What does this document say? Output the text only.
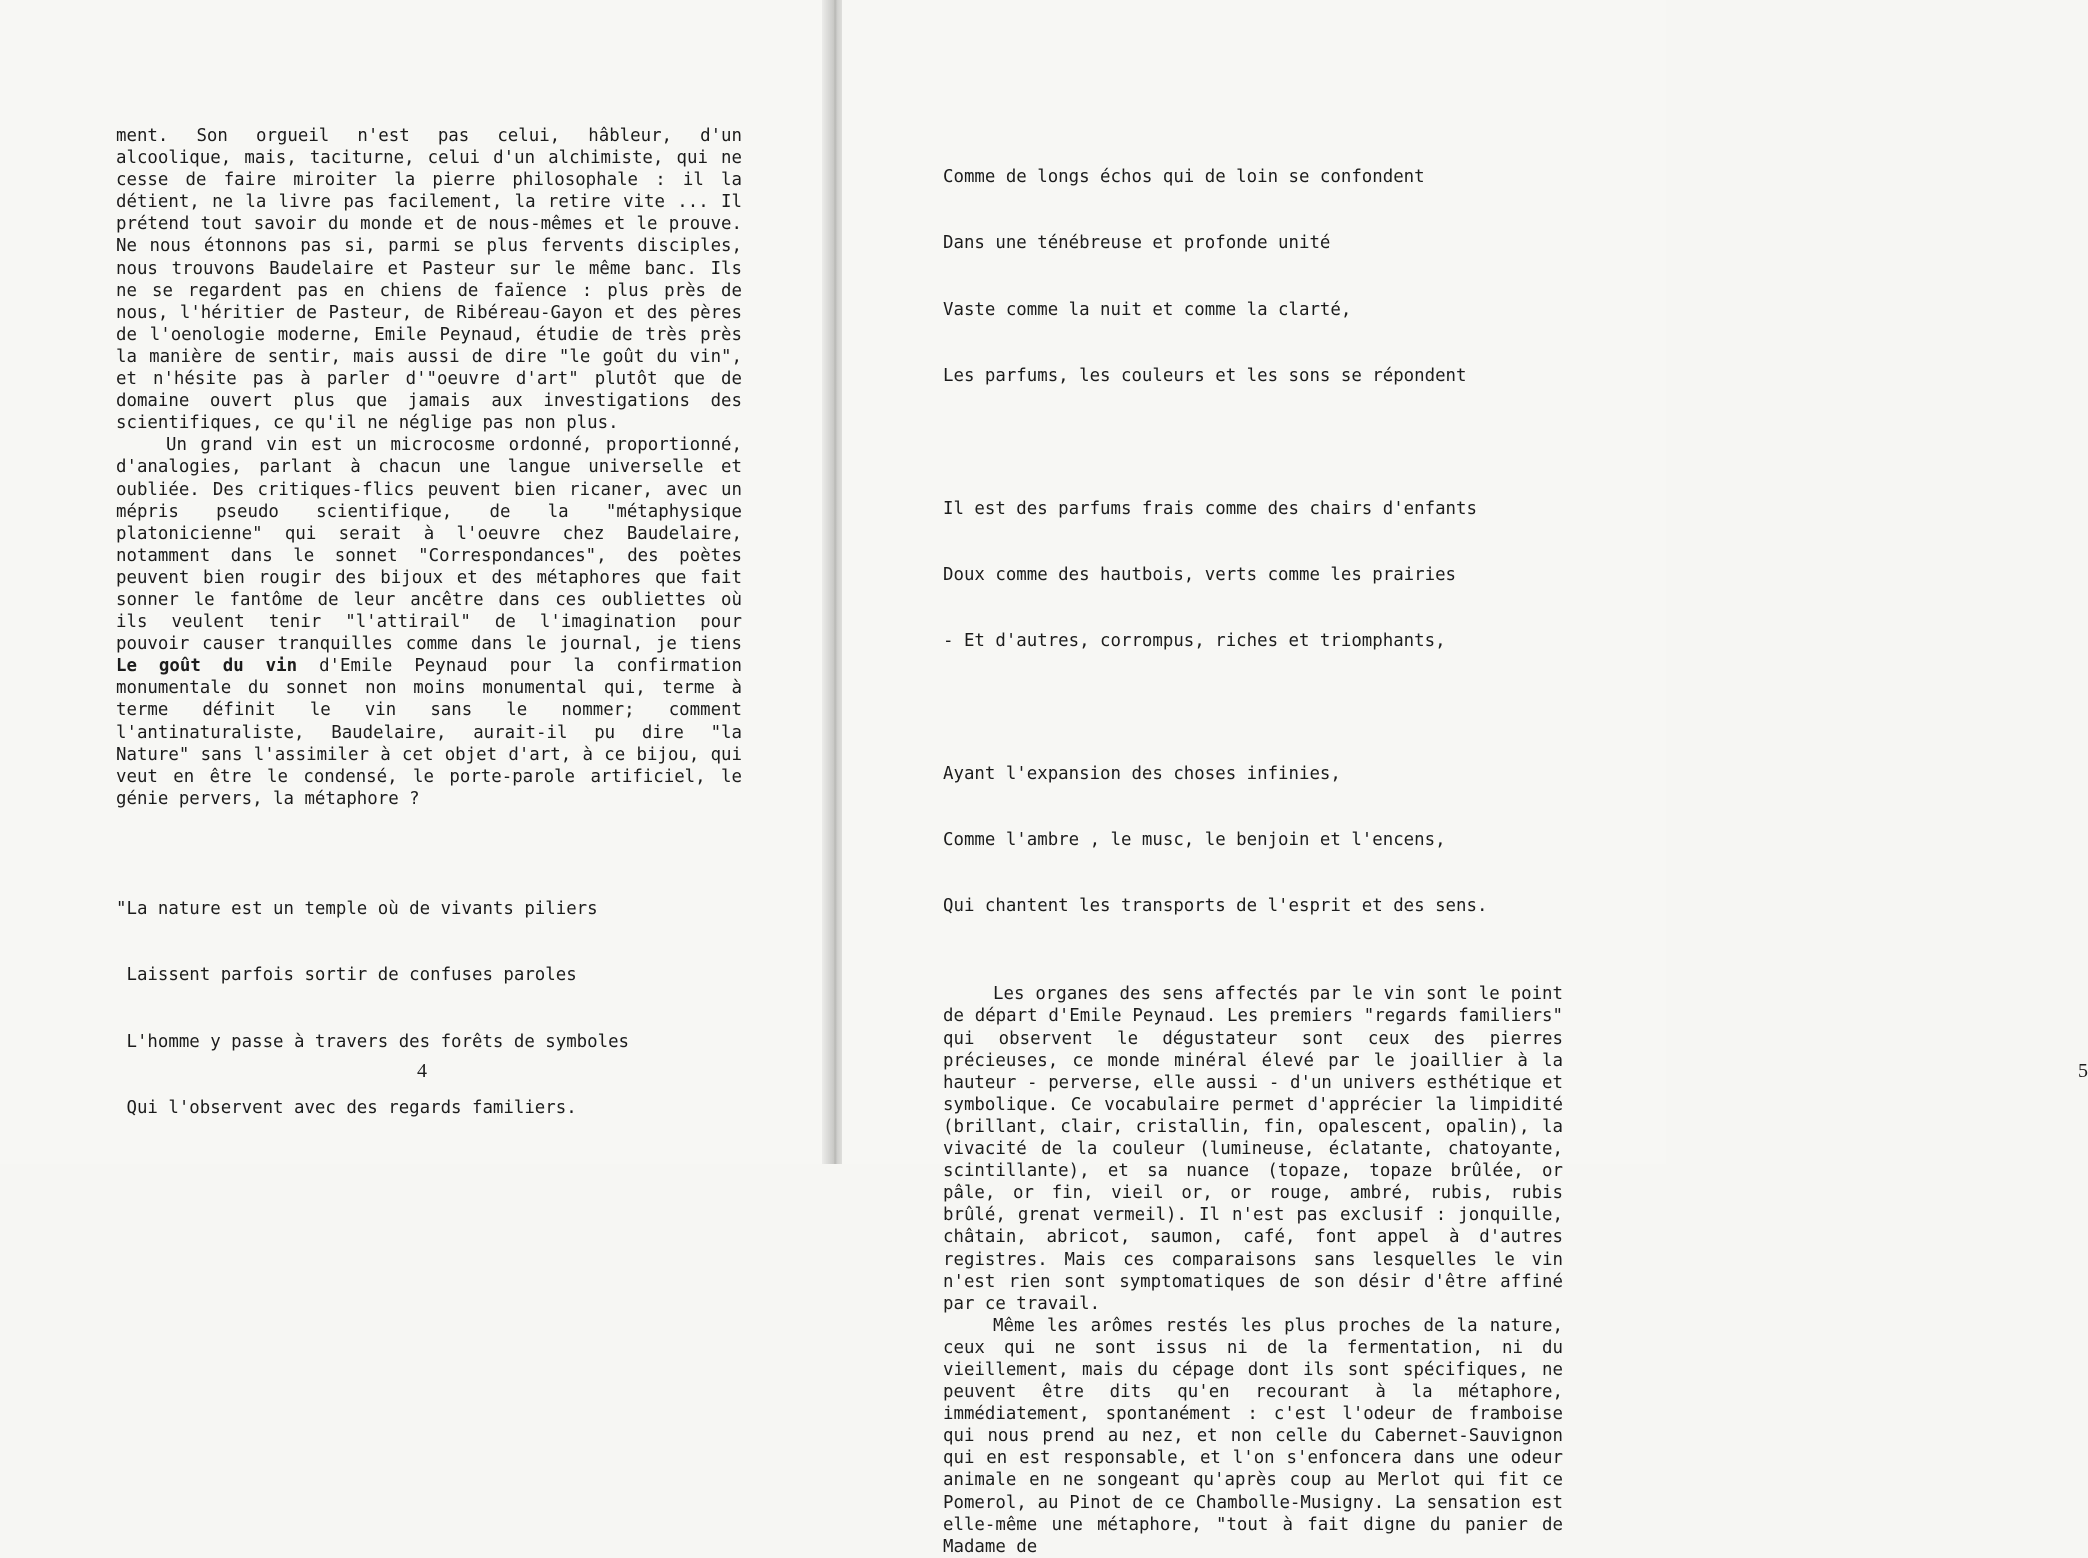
ment. Son orgueil n'est pas celui, hâbleur, d'un alcoolique, mais, taciturne, celui d'un alchimiste, qui ne cesse de faire miroiter la pierre philosophale : il la détient, ne la livre pas facilement, la retire vite ... Il prétend tout savoir du monde et de nous-mêmes et le prouve. Ne nous étonnons pas si, parmi se plus fervents disciples, nous trouvons Baudelaire et Pasteur sur le même banc. Ils ne se regardent pas en chiens de faïence : plus près de nous, l'héritier de Pasteur, de Ribéreau-Gayon et des pères de l'oenologie moderne, Emile Peynaud, étudie de très près la manière de sentir, mais aussi de dire "le goût du vin", et n'hésite pas à parler d'"oeuvre d'art" plutôt que de domaine ouvert plus que jamais aux investigations des scientifiques, ce qu'il ne néglige pas non plus.

Un grand vin est un microcosme ordonné, proportionné, d'analogies, parlant à chacun une langue universelle et oubliée. Des critiques-flics peuvent bien ricaner, avec un mépris pseudo scientifique, de la "métaphysique platonicienne" qui serait à l'oeuvre chez Baudelaire, notamment dans le sonnet "Correspondances", des poètes peuvent bien rougir des bijoux et des métaphores que fait sonner le fantôme de leur ancêtre dans ces oubliettes où ils veulent tenir "l'attirail" de l'imagination pour pouvoir causer tranquilles comme dans le journal, je tiens Le goût du vin d'Emile Peynaud pour la confirmation monumentale du sonnet non moins monumental qui, terme à terme définit le vin sans le nommer; comment l'antinaturaliste, Baudelaire, aurait-il pu dire "la Nature" sans l'assimiler à cet objet d'art, à ce bijou, qui veut en être le condensé, le porte-parole artificiel, le génie pervers, la métaphore ?

"La nature est un temple où de vivants piliers

Laissent parfois sortir de confuses paroles

L'homme y passe à travers des forêts de symboles

Qui l'observent avec des regards familiers.

4	5

Comme de longs échos qui de loin se confondent

Dans une ténébreuse et profonde unité

Vaste comme la nuit et comme la clarté,

Les parfums, les couleurs et les sons se répondent

Il est des parfums frais comme des chairs d'enfants

Doux comme des hautbois, verts comme les prairies

- Et d'autres, corrompus, riches et triomphants,

Ayant l'expansion des choses infinies,

Comme l'ambre , le musc, le benjoin et l'encens,

Qui chantent les transports de l'esprit et des sens.

Les organes des sens affectés par le vin sont le point de départ d'Emile Peynaud. Les premiers "regards familiers" qui observent le dégustateur sont ceux des pierres précieuses, ce monde minéral élevé par le joaillier à la hauteur - perverse, elle aussi - d'un univers esthétique et symbolique. Ce vocabulaire permet d'apprécier la limpidité (brillant, clair, cristallin, fin, opalescent, opalin), la vivacité de la couleur (lumineuse, éclatante, chatoyante, scintillante), et sa nuance (topaze, topaze brûlée, or pâle, or fin, vieil or, or rouge, ambré, rubis, rubis brûlé, grenat vermeil). Il n'est pas exclusif : jonquille, châtain, abricot, saumon, café, font appel à d'autres registres. Mais ces comparaisons sans lesquelles le vin n'est rien sont symptomatiques de son désir d'être affiné par ce travail.

Même les arômes restés les plus proches de la nature, ceux qui ne sont issus ni de la fermentation, ni du vieillement, mais du cépage dont ils sont spécifiques, ne peuvent être dits qu'en recourant à la métaphore, immédiatement, spontanément : c'est l'odeur de framboise qui nous prend au nez, et non celle du Cabernet-Sauvignon qui en est responsable, et l'on s'enfoncera dans une odeur animale en ne songeant qu'après coup au Merlot qui fit ce Pomerol, au Pinot de ce Chambolle-Musigny. La sensation est elle-même une métaphore, "tout à fait digne du panier de Madame de
